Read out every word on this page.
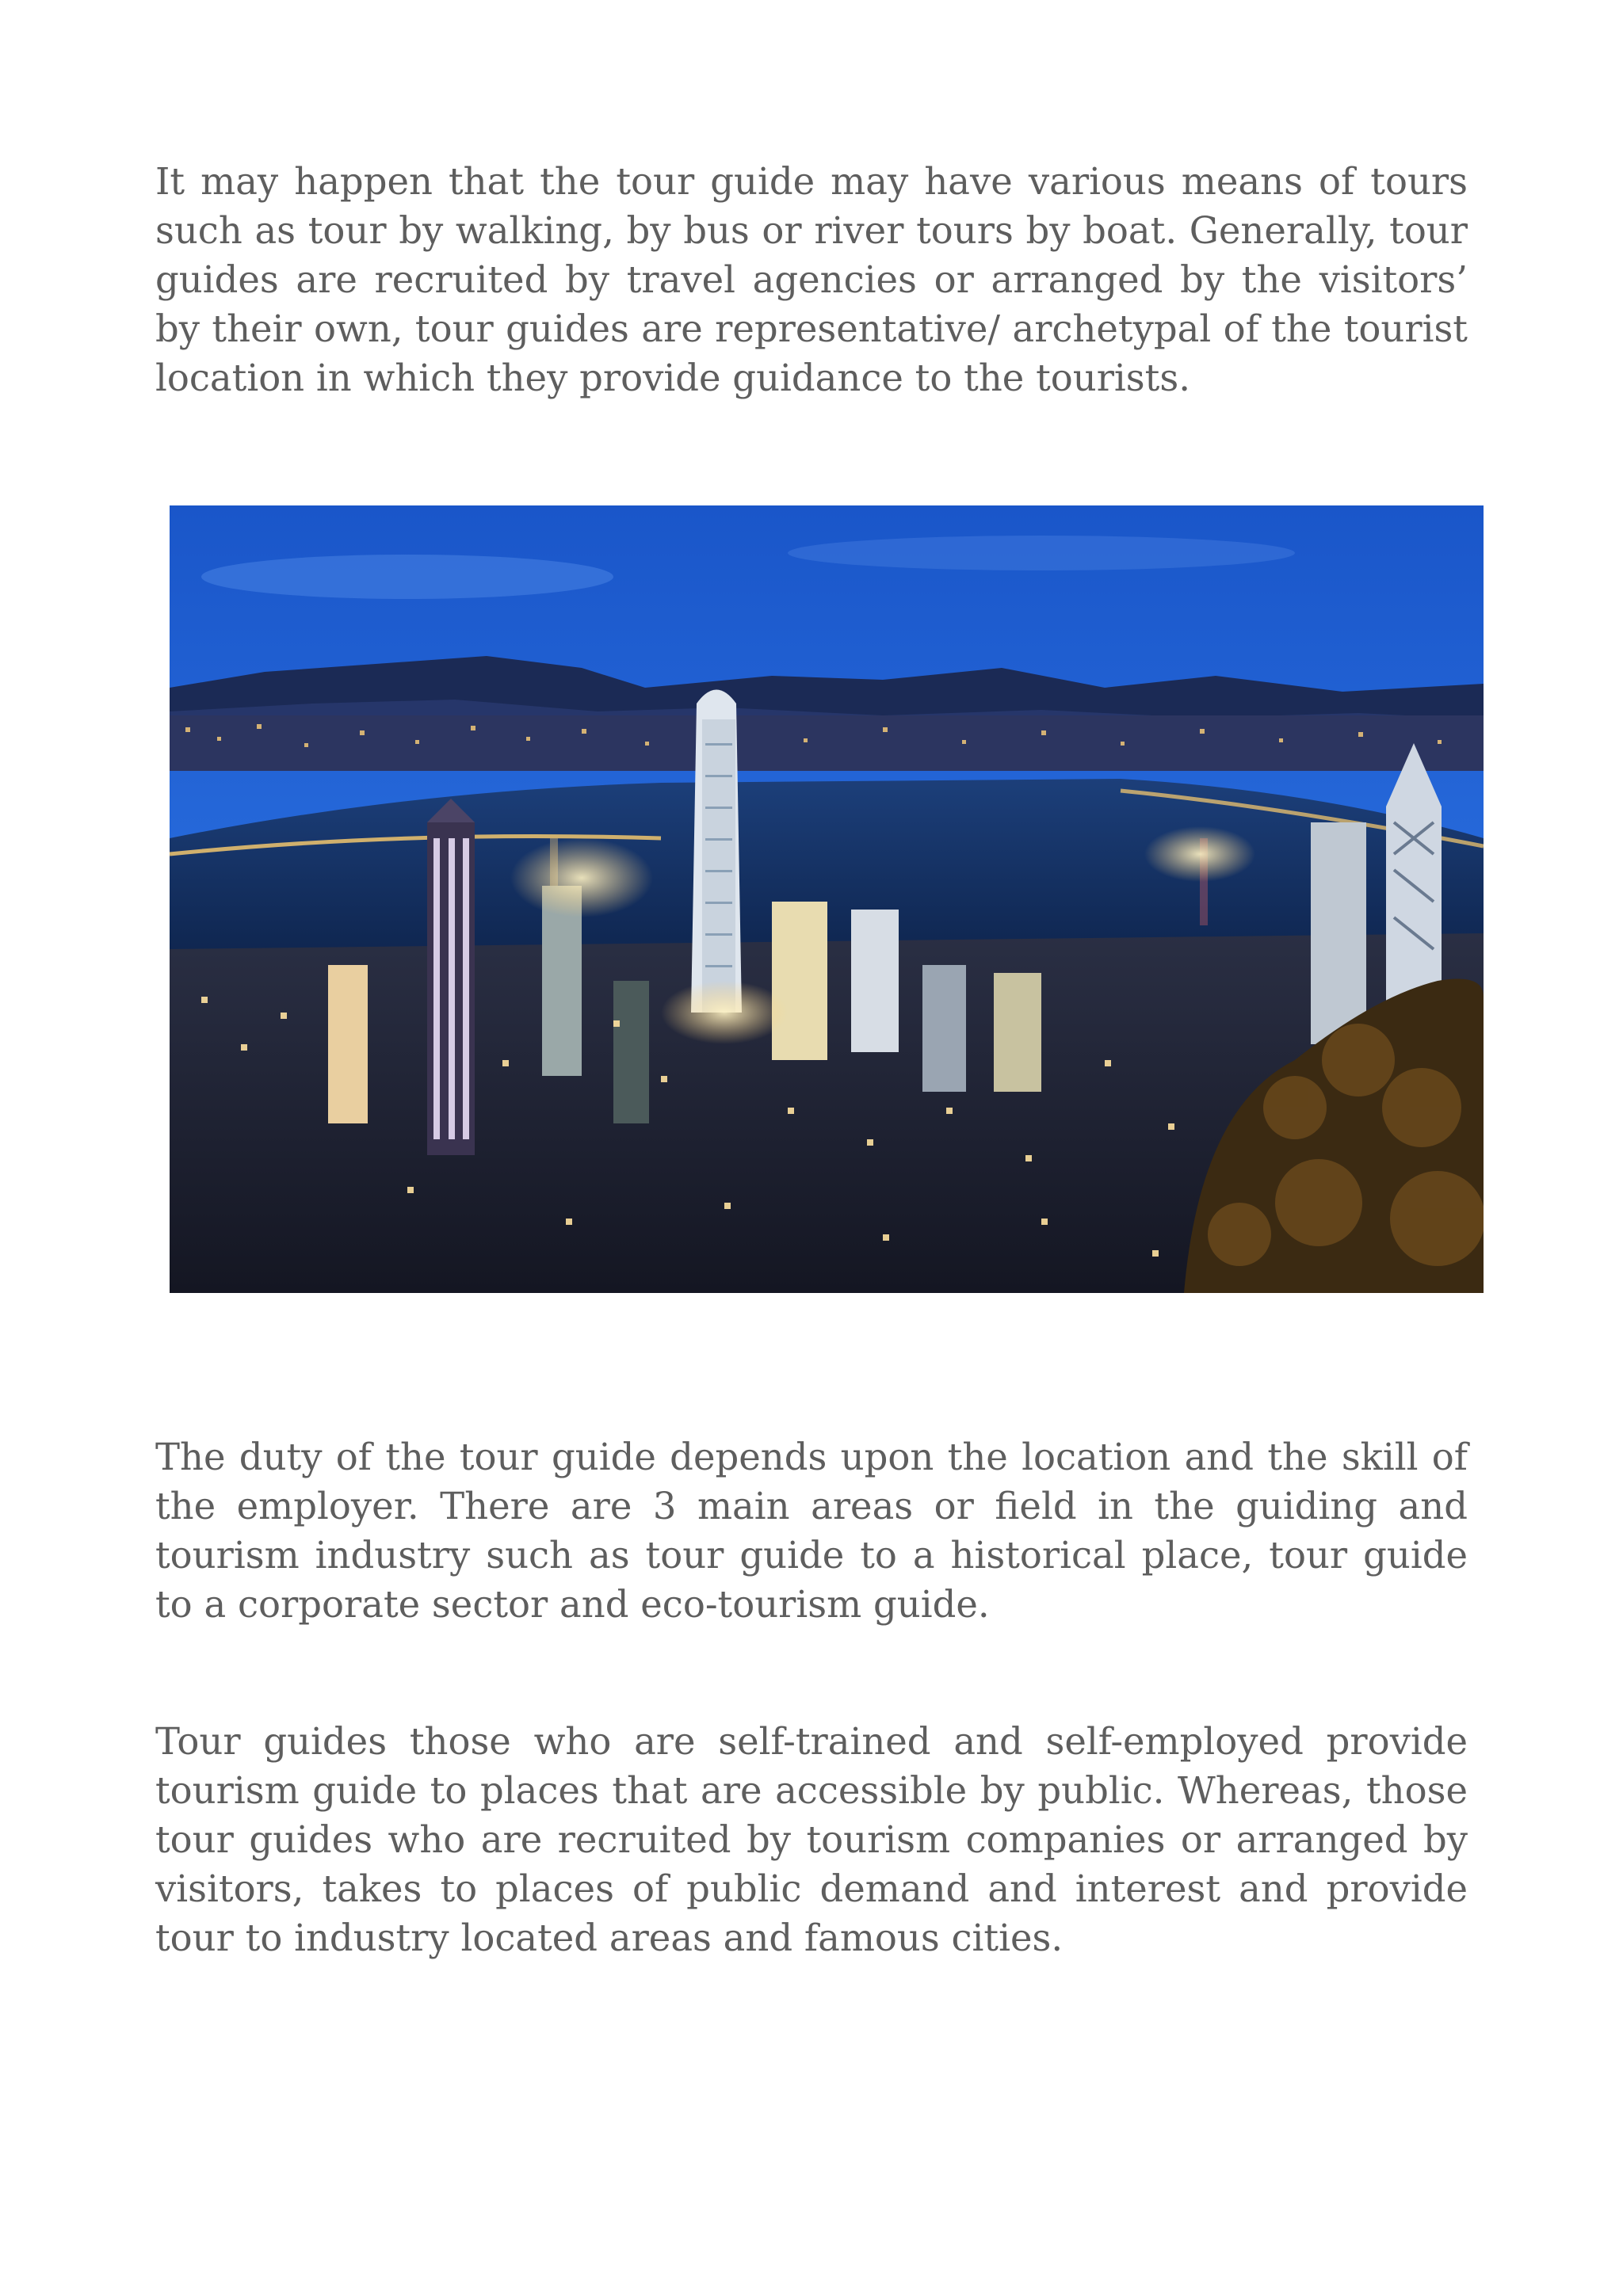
It may happen that the tour guide may have various means of tours such as tour by walking, by bus or river tours by boat. Generally, tour guides are recruited by travel agencies or arranged by the visitors’ by their own, tour guides are representative/ archetypal of the tourist location in which they provide guidance to the tourists.

The duty of the tour guide depends upon the location and the skill of the employer. There are 3 main areas or field in the guiding and tourism industry such as tour guide to a historical place, tour guide to a corporate sector and eco-tourism guide.

Tour guides those who are self-trained and self-employed provide tourism guide to places that are accessible by public. Whereas, those tour guides who are recruited by tourism companies or arranged by visitors, takes to places of public demand and interest and provide tour to industry located areas and famous cities.
